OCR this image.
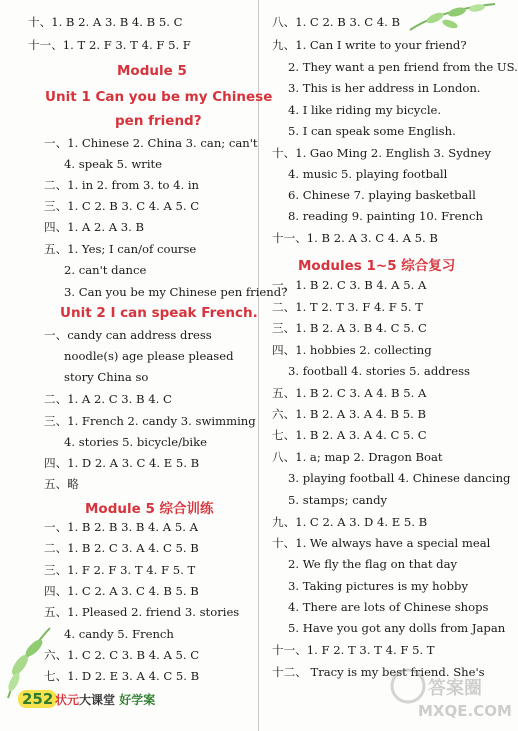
十、1. B 2. A 3. B 4. B 5. C
十一、1. T 2. F 3. T 4. F 5. F
Module 5
Unit 1 Can you be my Chinese
pen friend?
一、1. Chinese 2. China 3. can; can't
4. speak 5. write
二、1. in 2. from 3. to 4. in
三、1. C 2. B 3. C 4. A 5. C
四、1. A 2. A 3. B
五、1. Yes; I can/of course
2. can't dance
3. Can you be my Chinese pen friend?
Unit 2 I can speak French.
一、candy can address dress
noodle(s) age please pleased
story China so
二、1. A 2. C 3. B 4. C
三、1. French 2. candy 3. swimming
4. stories 5. bicycle/bike
四、1. D 2. A 3. C 4. E 5. B
五、略
Module 5 综合训练
一、1. B 2. B 3. B 4. A 5. A
二、1. B 2. C 3. A 4. C 5. B
三、1. F 2. F 3. T 4. F 5. T
四、1. C 2. A 3. C 4. B 5. B
五、1. Pleased 2. friend 3. stories
4. candy 5. French
六、1. C 2. C 3. B 4. A 5. C
七、1. D 2. E 3. A 4. C 5. B
八、1. C 2. B 3. C 4. B
九、1. Can I write to your friend?
2. They want a pen friend from the US.
3. This is her address in London.
4. I like riding my bicycle.
5. I can speak some English.
十、1. Gao Ming 2. English 3. Sydney
4. music 5. playing football
6. Chinese 7. playing basketball
8. reading 9. painting 10. French
十一、1. B 2. A 3. C 4. A 5. B
Modules 1~5 综合复习
一、1. B 2. C 3. B 4. A 5. A
二、1. T 2. T 3. F 4. F 5. T
三、1. B 2. A 3. B 4. C 5. C
四、1. hobbies 2. collecting
3. football 4. stories 5. address
五、1. B 2. C 3. A 4. B 5. A
六、1. B 2. A 3. A 4. B 5. B
七、1. B 2. A 3. A 4. C 5. C
八、1. a; map 2. Dragon Boat
3. playing football 4. Chinese dancing
5. stamps; candy
九、1. C 2. A 3. D 4. E 5. B
十、1. We always have a special meal
2. We fly the flag on that day
3. Taking pictures is my hobby
4. There are lots of Chinese shops
5. Have you got any dolls from Japan
十一、1. F 2. T 3. T 4. F 5. T
十二、 Tracy is my best friend. She's
252 状元大课堂 好学案
答案圈
MXQE.COM
